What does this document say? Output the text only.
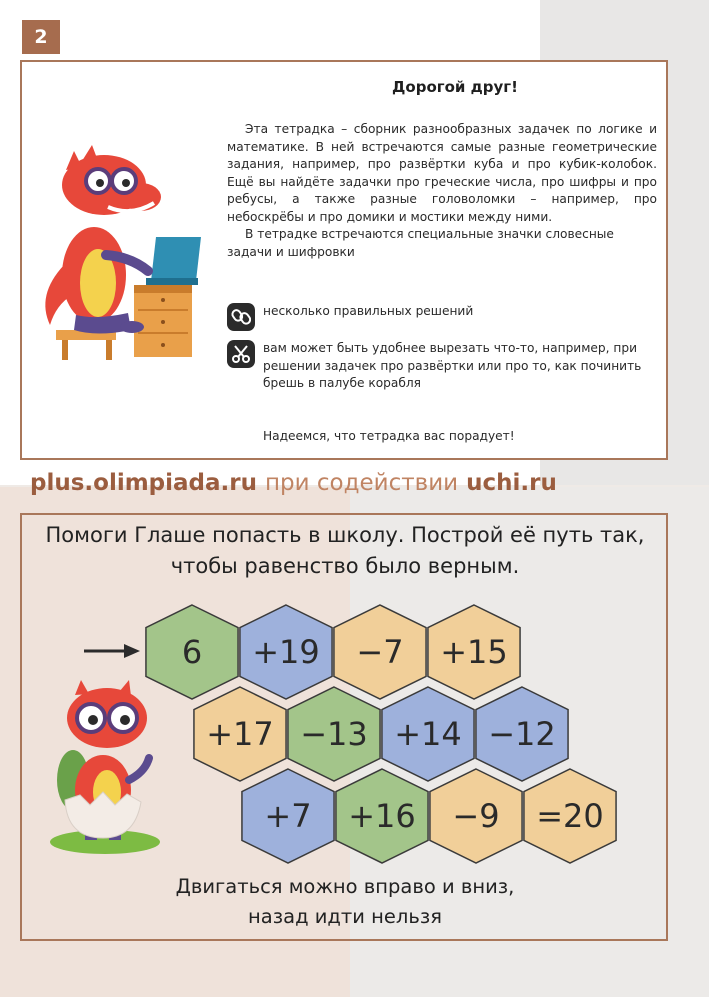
2
Дорогой друг!

Эта тетрадка – сборник разнообразных задачек по логике и математике. В ней встречаются самые разные геометрические задания, например, про развёртки куба и про кубик-колобок. Ещё вы найдёте задачки про греческие числа, про шифры и про ребусы, а также разные головоломки – например, про небоскрёбы и про домики и мостики между ними.

В тетрадке встречаются специальные значки словесные задачи и шифровки

несколько правильных решений
вам может быть удобнее вырезать что-то, например, при решении задачек про развёртки или про то, как починить брешь в палубе корабля
Надеемся, что тетрадка вас порадует!
plus.olimpiada.ru при содействии uchi.ru
Помоги Глаше попасть в школу. Построй её путь так, чтобы равенство было верным.
6 +19 −7 +15
+17 −13 +14 −12
+7 +16 −9 =20
Двигаться можно вправо и вниз,
назад идти нельзя
